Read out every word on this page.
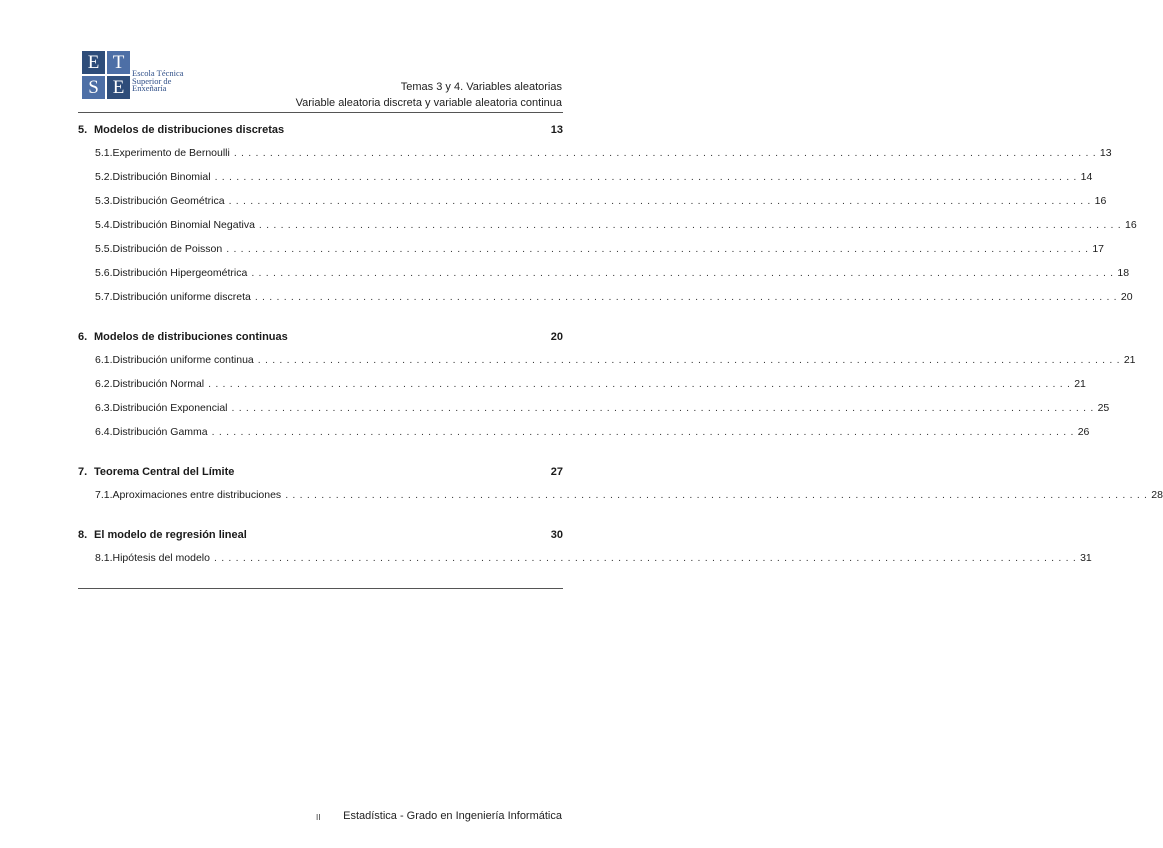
E T
S E
Escola Técnica
Superior de
Enxeñaría	Temas 3 y 4. Variables aleatorias
Variable aleatoria discreta y variable aleatoria continua
5. Modelos de distribuciones discretas	13
5.1. Experimento de Bernoulli ........................................................................................................................ 13
5.2. Distribución Binomial ........................................................................................................................ 14
5.3. Distribución Geométrica ........................................................................................................................ 16
5.4. Distribución Binomial Negativa ........................................................................................................................ 16
5.5. Distribución de Poisson ........................................................................................................................ 17
5.6. Distribución Hipergeométrica ........................................................................................................................ 18
5.7. Distribución uniforme discreta ........................................................................................................................ 20
6. Modelos de distribuciones continuas	20
6.1. Distribución uniforme continua ........................................................................................................................ 21
6.2. Distribución Normal ........................................................................................................................ 21
6.3. Distribución Exponencial ........................................................................................................................ 25
6.4. Distribución Gamma ........................................................................................................................ 26
7. Teorema Central del Límite	27
7.1. Aproximaciones entre distribuciones ........................................................................................................................ 28
8. El modelo de regresión lineal	30
8.1. Hipótesis del modelo ........................................................................................................................ 31
II Estadística - Grado en Ingeniería Informática
